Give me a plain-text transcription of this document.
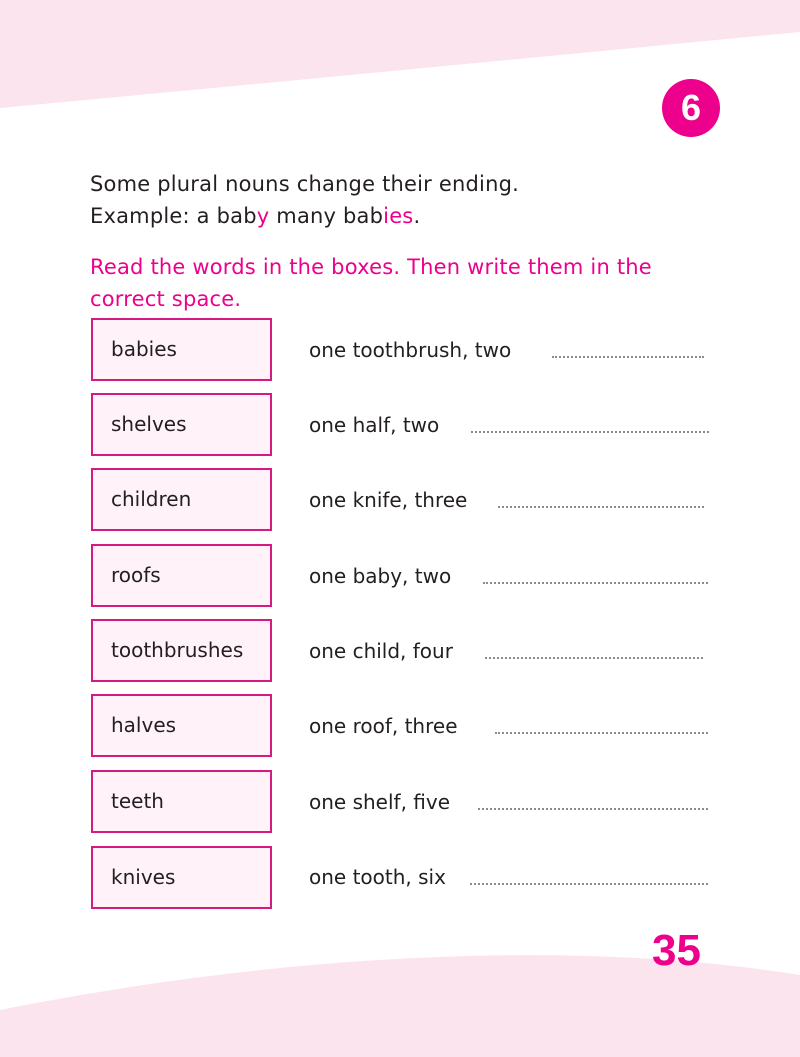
6
Some plural nouns change their ending.
Example: a baby many babies.
Read the words in the boxes. Then write them in the correct space.
babies
shelves
children
roofs
toothbrushes
halves
teeth
knives
one toothbrush, two
one half, two
one knife, three
one baby, two
one child, four
one roof, three
one shelf, five
one tooth, six
35
